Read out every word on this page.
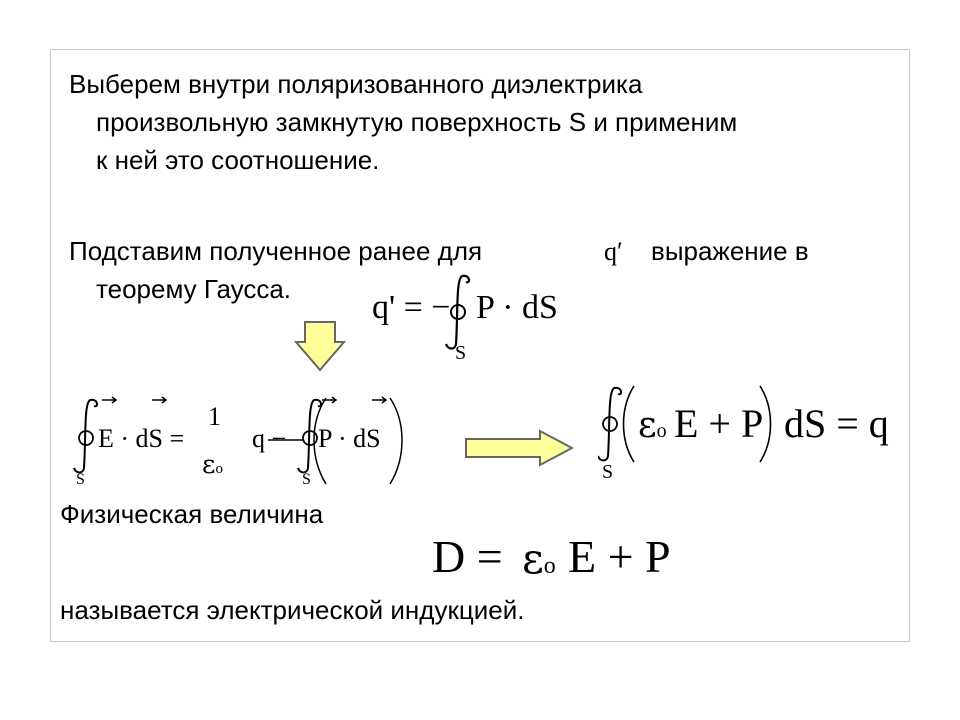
Выберем внутри поляризованного диэлектрика
произвольную замкнутую поверхность S и применим
к ней это соотношение.
Подставим полученное ранее для	q′ выражение в
теорему Гаусса. q' = − P · dS
S
E · dS =
1
εo
q − P · dS
S	S
εo E + P dS = q
S
Физическая величина
D = εo E + P
называется электрической индукцией.
